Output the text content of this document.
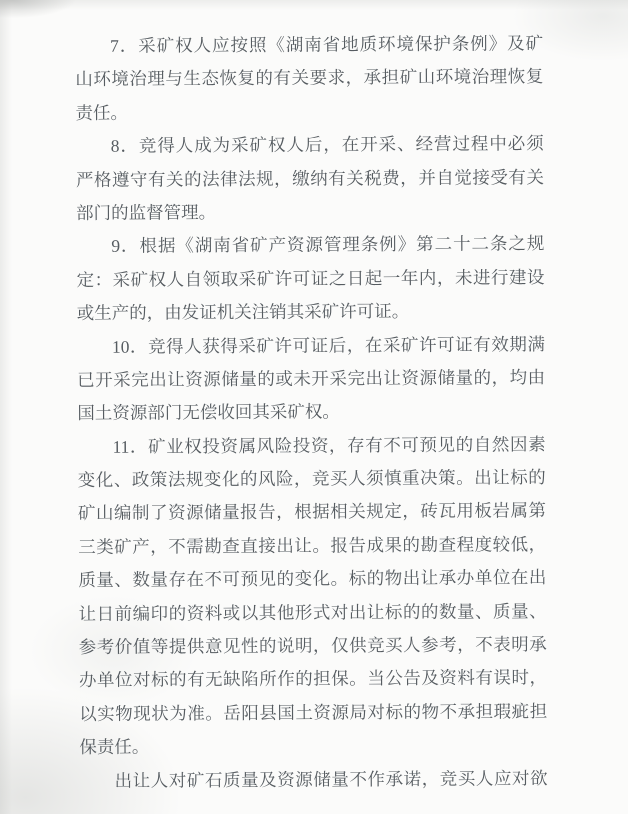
7．采矿权人应按照《湖南省地质环境保护条例》及矿
山环境治理与生态恢复的有关要求，承担矿山环境治理恢复
责任。
8．竞得人成为采矿权人后，在开采、经营过程中必须
严格遵守有关的法律法规，缴纳有关税费，并自觉接受有关
部门的监督管理。
9．根据《湖南省矿产资源管理条例》第二十二条之规
定：采矿权人自领取采矿许可证之日起一年内，未进行建设
或生产的，由发证机关注销其采矿许可证。
10．竞得人获得采矿许可证后，在采矿许可证有效期满
已开采完出让资源储量的或未开采完出让资源储量的，均由
国土资源部门无偿收回其采矿权。
11．矿业权投资属风险投资，存有不可预见的自然因素
变化、政策法规变化的风险，竞买人须慎重决策。出让标的
矿山编制了资源储量报告，根据相关规定，砖瓦用板岩属第
三类矿产，不需勘查直接出让。报告成果的勘查程度较低，
质量、数量存在不可预见的变化。标的物出让承办单位在出
让日前编印的资料或以其他形式对出让标的的数量、质量、
参考价值等提供意见性的说明，仅供竞买人参考，不表明承
办单位对标的有无缺陷所作的担保。当公告及资料有误时，
以实物现状为准。岳阳县国土资源局对标的物不承担瑕疵担
保责任。
出让人对矿石质量及资源储量不作承诺，竞买人应对欲
